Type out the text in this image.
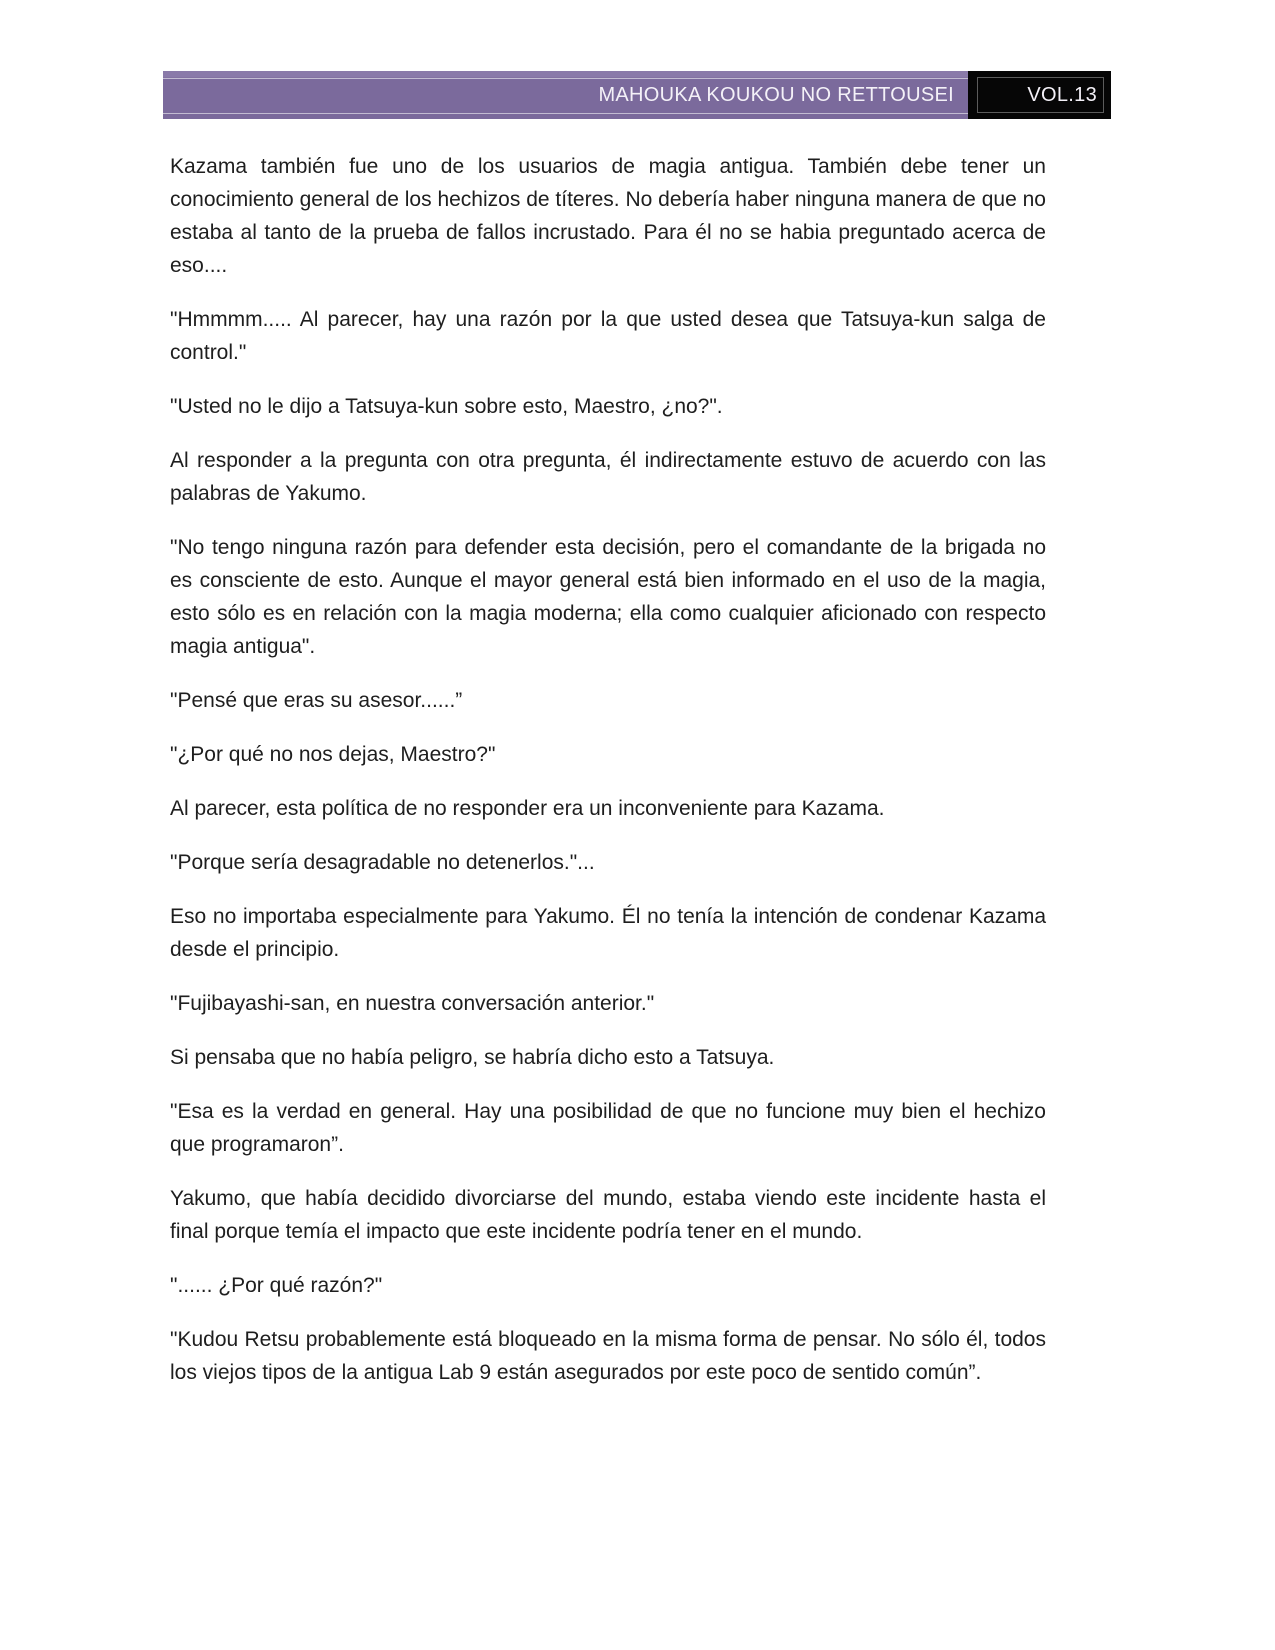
MAHOUKA KOUKOU NO RETTOUSEI	VOL.13

Kazama también fue uno de los usuarios de magia antigua. También debe tener un conocimiento general de los hechizos de títeres. No debería haber ninguna manera de que no estaba al tanto de la prueba de fallos incrustado. Para él no se habia preguntado acerca de eso....

"Hmmmm..... Al parecer, hay una razón por la que usted desea que Tatsuya-kun salga de control."

"Usted no le dijo a Tatsuya-kun sobre esto, Maestro, ¿no?".

Al responder a la pregunta con otra pregunta, él indirectamente estuvo de acuerdo con las palabras de Yakumo.

"No tengo ninguna razón para defender esta decisión, pero el comandante de la brigada no es consciente de esto. Aunque el mayor general está bien informado en el uso de la magia, esto sólo es en relación con la magia moderna; ella como cualquier aficionado con respecto magia antigua".

"Pensé que eras su asesor......”

"¿Por qué no nos dejas, Maestro?"

Al parecer, esta política de no responder era un inconveniente para Kazama.

"Porque sería desagradable no detenerlos."...

Eso no importaba especialmente para Yakumo. Él no tenía la intención de condenar Kazama desde el principio.

"Fujibayashi-san, en nuestra conversación anterior."

Si pensaba que no había peligro, se habría dicho esto a Tatsuya.

"Esa es la verdad en general. Hay una posibilidad de que no funcione muy bien el hechizo que programaron”.

Yakumo, que había decidido divorciarse del mundo, estaba viendo este incidente hasta el final porque temía el impacto que este incidente podría tener en el mundo.

"...... ¿Por qué razón?"

"Kudou Retsu probablemente está bloqueado en la misma forma de pensar. No sólo él, todos los viejos tipos de la antigua Lab 9 están asegurados por este poco de sentido común”.
